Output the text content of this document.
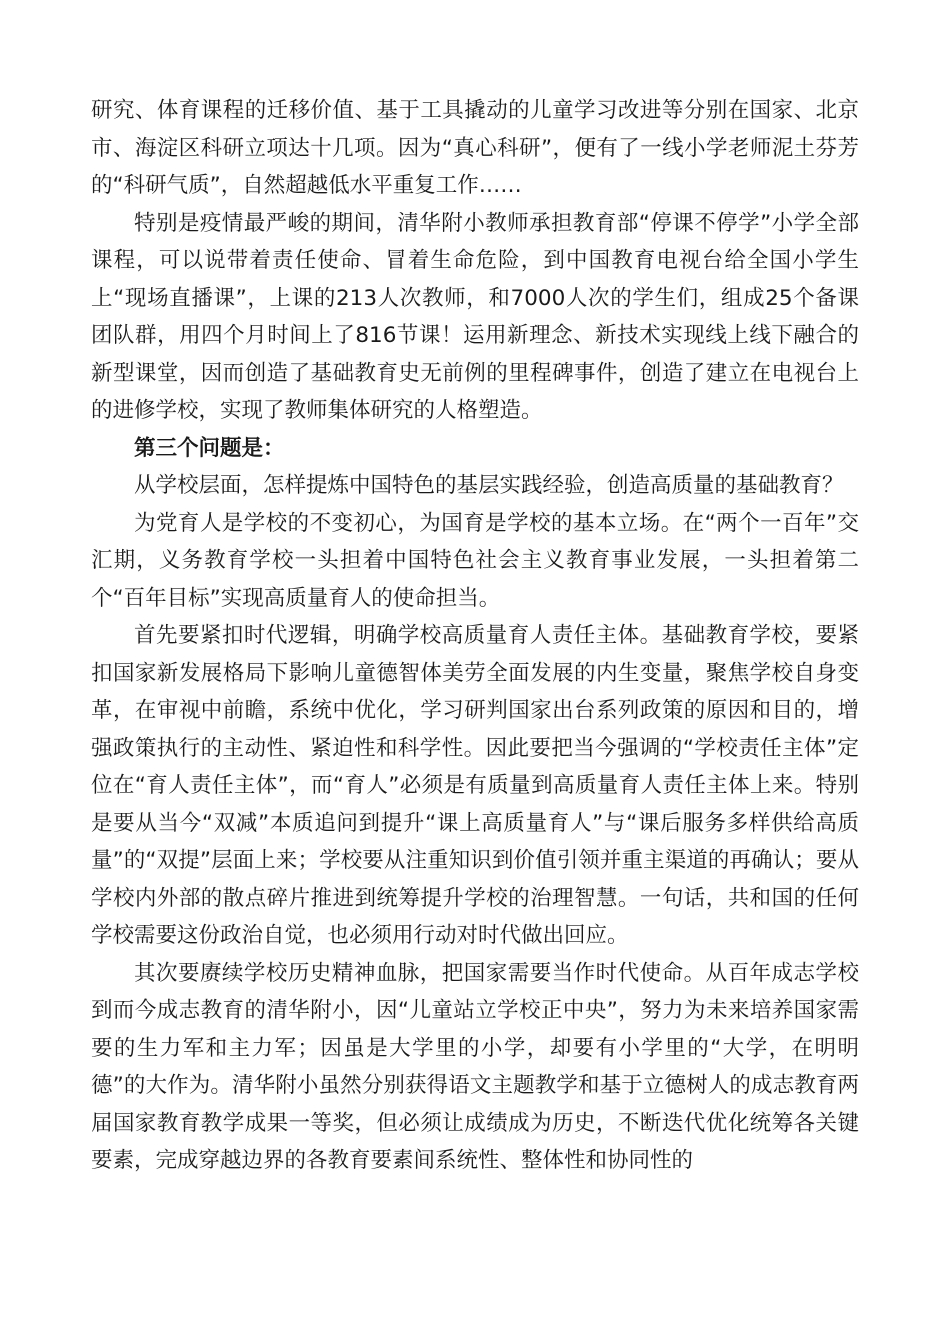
研究、体育课程的迁移价值、基于工具撬动的儿童学习改进等分别在国家、北京市、海淀区科研立项达十几项。因为“真心科研”，便有了一线小学老师泥土芬芳的“科研气质”，自然超越低水平重复工作……

特别是疫情最严峻的期间，清华附小教师承担教育部“停课不停学”小学全部课程，可以说带着责任使命、冒着生命危险，到中国教育电视台给全国小学生上“现场直播课”，上课的213人次教师，和7000人次的学生们，组成25个备课团队群，用四个月时间上了816节课！运用新理念、新技术实现线上线下融合的新型课堂，因而创造了基础教育史无前例的里程碑事件，创造了建立在电视台上的进修学校，实现了教师集体研究的人格塑造。

第三个问题是：

从学校层面，怎样提炼中国特色的基层实践经验，创造高质量的基础教育？

为党育人是学校的不变初心，为国育是学校的基本立场。在“两个一百年”交汇期，义务教育学校一头担着中国特色社会主义教育事业发展，一头担着第二个“百年目标”实现高质量育人的使命担当。

首先要紧扣时代逻辑，明确学校高质量育人责任主体。基础教育学校，要紧扣国家新发展格局下影响儿童德智体美劳全面发展的内生变量，聚焦学校自身变革，在审视中前瞻，系统中优化，学习研判国家出台系列政策的原因和目的，增强政策执行的主动性、紧迫性和科学性。因此要把当今强调的“学校责任主体”定位在“育人责任主体”，而“育人”必须是有质量到高质量育人责任主体上来。特别是要从当今“双减”本质追问到提升“课上高质量育人”与“课后服务多样供给高质量”的“双提”层面上来；学校要从注重知识到价值引领并重主渠道的再确认；要从学校内外部的散点碎片推进到统筹提升学校的治理智慧。一句话，共和国的任何学校需要这份政治自觉，也必须用行动对时代做出回应。

其次要赓续学校历史精神血脉，把国家需要当作时代使命。从百年成志学校到而今成志教育的清华附小，因“儿童站立学校正中央”，努力为未来培养国家需要的生力军和主力军；因虽是大学里的小学，却要有小学里的“大学，在明明德”的大作为。清华附小虽然分别获得语文主题教学和基于立德树人的成志教育两届国家教育教学成果一等奖，但必须让成绩成为历史，不断迭代优化统筹各关键要素，完成穿越边界的各教育要素间系统性、整体性和协同性的
